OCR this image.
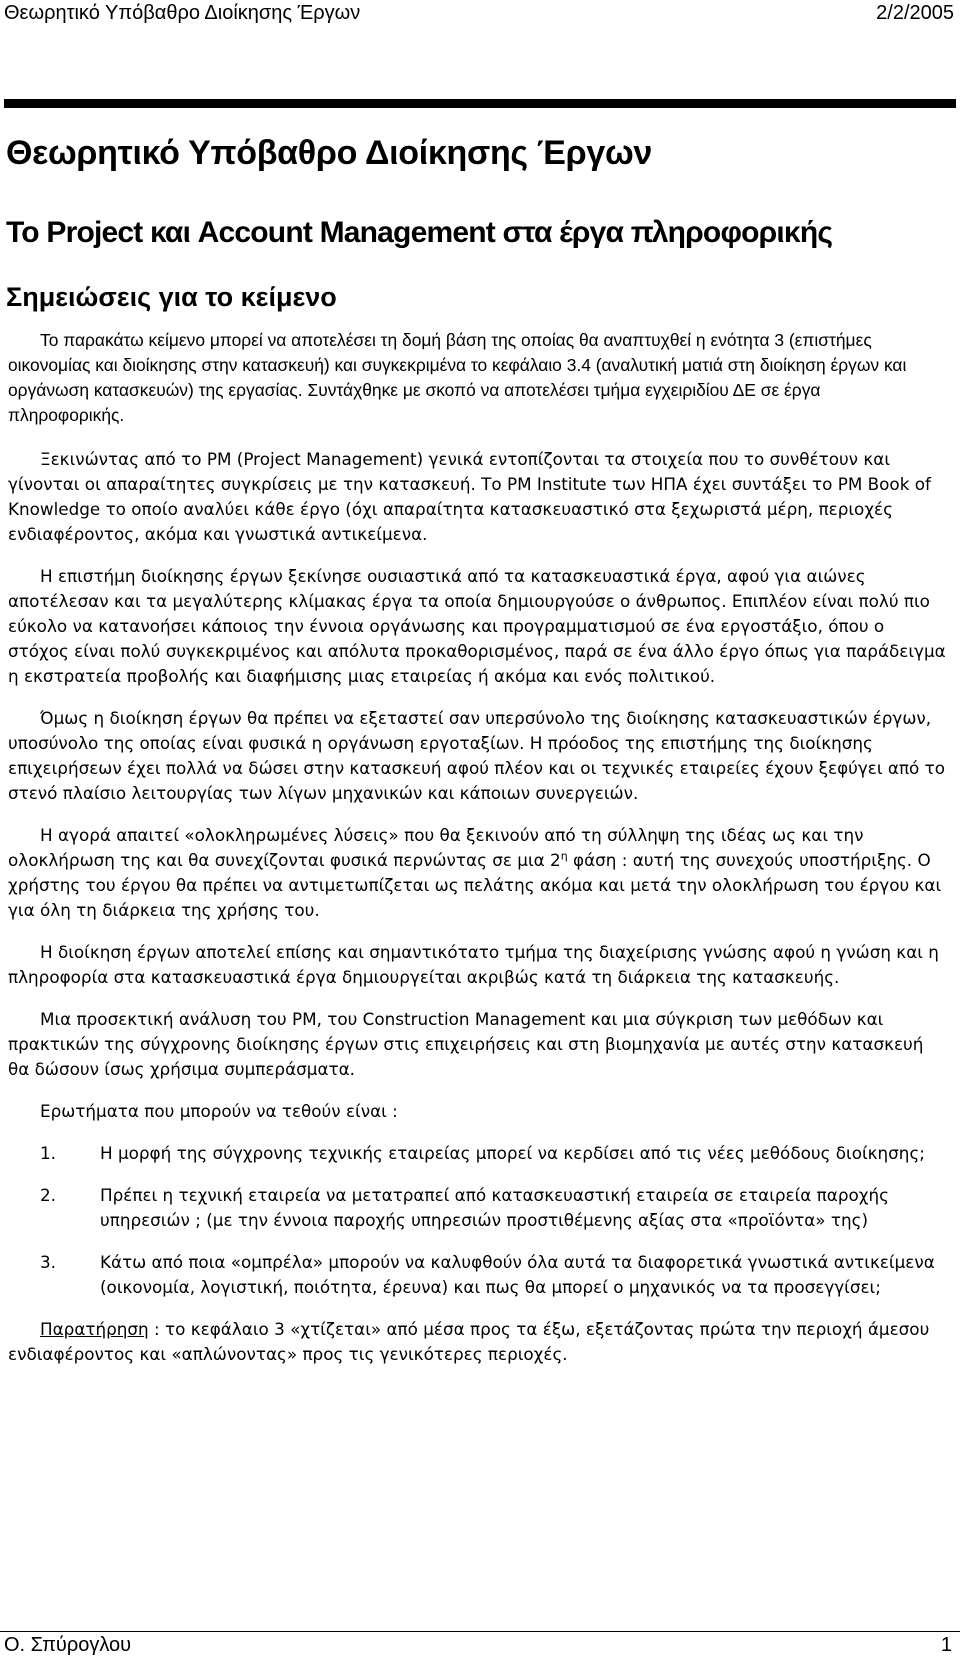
Θεωρητικό Υπόβαθρο Διοίκησης Έργων	2/2/2005
Θεωρητικό Υπόβαθρο Διοίκησης Έργων
Το Project και Account Management στα έργα πληροφορικής
Σημειώσεις για το κείμενο

Το παρακάτω κείμενο μπορεί να αποτελέσει τη δομή βάση της οποίας θα αναπτυχθεί η ενότητα 3 (επιστήμες οικονομίας και διοίκησης στην κατασκευή) και συγκεκριμένα το κεφάλαιο 3.4 (αναλυτική ματιά στη διοίκηση έργων και οργάνωση κατασκευών) της εργασίας. Συντάχθηκε με σκοπό να αποτελέσει τμήμα εγχειριδίου ΔΕ σε έργα πληροφορικής.

Ξεκινώντας από το PM (Project Management) γενικά εντοπίζονται τα στοιχεία που το συνθέτουν και γίνονται οι απαραίτητες συγκρίσεις με την κατασκευή. Το PM Institute των ΗΠΑ έχει συντάξει το PM Book of Knowledge το οποίο αναλύει κάθε έργο (όχι απαραίτητα κατασκευαστικό στα ξεχωριστά μέρη, περιοχές ενδιαφέροντος, ακόμα και γνωστικά αντικείμενα.

Η επιστήμη διοίκησης έργων ξεκίνησε ουσιαστικά από τα κατασκευαστικά έργα, αφού για αιώνες αποτέλεσαν και τα μεγαλύτερης κλίμακας έργα τα οποία δημιουργούσε ο άνθρωπος. Επιπλέον είναι πολύ πιο εύκολο να κατανοήσει κάποιος την έννοια οργάνωσης και προγραμματισμού σε ένα εργοστάξιο, όπου ο στόχος είναι πολύ συγκεκριμένος και απόλυτα προκαθορισμένος, παρά σε ένα άλλο έργο όπως για παράδειγμα η εκστρατεία προβολής και διαφήμισης μιας εταιρείας ή ακόμα και ενός πολιτικού.

Όμως η διοίκηση έργων θα πρέπει να εξεταστεί σαν υπερσύνολο της διοίκησης κατασκευαστικών έργων, υποσύνολο της οποίας είναι φυσικά η οργάνωση εργοταξίων. Η πρόοδος της επιστήμης της διοίκησης επιχειρήσεων έχει πολλά να δώσει στην κατασκευή αφού πλέον και οι τεχνικές εταιρείες έχουν ξεφύγει από το στενό πλαίσιο λειτουργίας των λίγων μηχανικών και κάποιων συνεργειών.

Η αγορά απαιτεί «ολοκληρωμένες λύσεις» που θα ξεκινούν από τη σύλληψη της ιδέας ως και την ολοκλήρωση της και θα συνεχίζονται φυσικά περνώντας σε μια $2^\eta$ φάση : αυτή της συνεχούς υποστήριξης. Ο χρήστης του έργου θα πρέπει να αντιμετωπίζεται ως πελάτης ακόμα και μετά την ολοκλήρωση του έργου και για όλη τη διάρκεια της χρήσης του.

Η διοίκηση έργων αποτελεί επίσης και σημαντικότατο τμήμα της διαχείρισης γνώσης αφού η γνώση και η πληροφορία στα κατασκευαστικά έργα δημιουργείται ακριβώς κατά τη διάρκεια της κατασκευής.

Μια προσεκτική ανάλυση του PM, του Construction Management και μια σύγκριση των μεθόδων και πρακτικών της σύγχρονης διοίκησης έργων στις επιχειρήσεις και στη βιομηχανία με αυτές στην κατασκευή θα δώσουν ίσως χρήσιμα συμπεράσματα.

Ερωτήματα που μπορούν να τεθούν είναι :

1.	Η μορφή της σύγχρονης τεχνικής εταιρείας μπορεί να κερδίσει από τις νέες μεθόδους διοίκησης;
2.	Πρέπει η τεχνική εταιρεία να μετατραπεί από κατασκευαστική εταιρεία σε εταιρεία παροχής υπηρεσιών ; (με την έννοια παροχής υπηρεσιών προστιθέμενης αξίας στα «προϊόντα» της)
3.	Κάτω από ποια «ομπρέλα» μπορούν να καλυφθούν όλα αυτά τα διαφορετικά γνωστικά αντικείμενα (οικονομία, λογιστική, ποιότητα, έρευνα) και πως θα μπορεί ο μηχανικός να τα προσεγγίσει;

Παρατήρηση : το κεφάλαιο 3 «χτίζεται» από μέσα προς τα έξω, εξετάζοντας πρώτα την περιοχή άμεσου ενδιαφέροντος και «απλώνοντας» προς τις γενικότερες περιοχές.

Ο. Σπύρογλου	1
